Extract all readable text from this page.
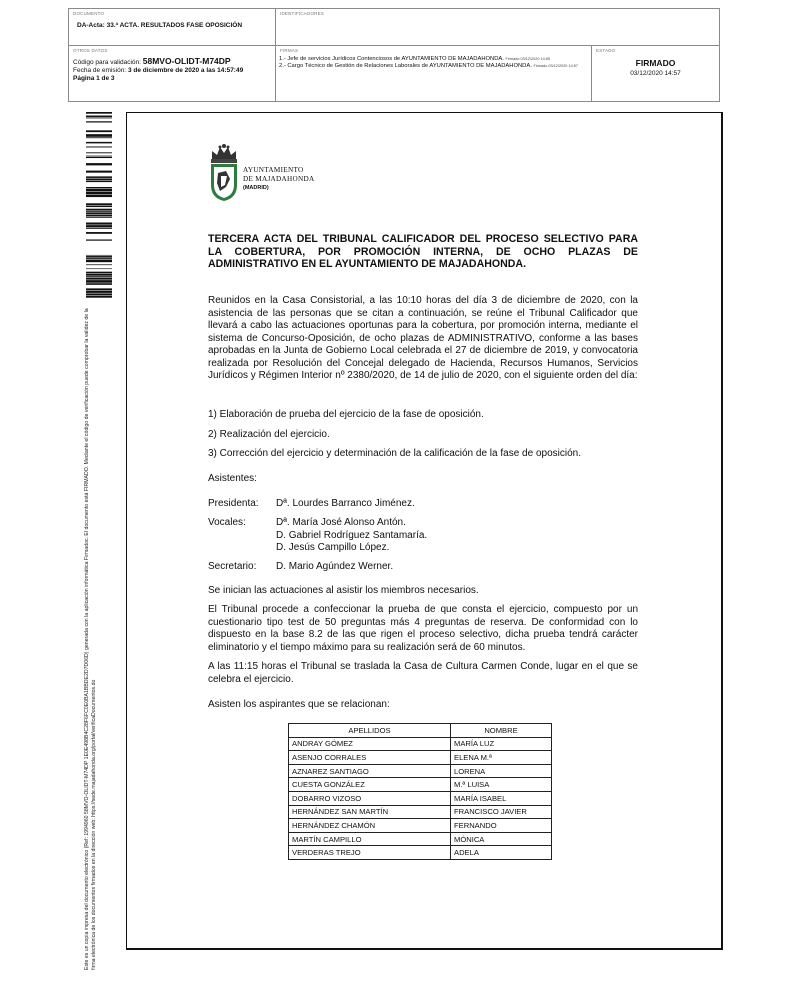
DOCUMENTO
DA-Acta: 33.ª ACTA. RESULTADOS FASE OPOSICIÓN
IDENTIFICADORES
OTROS DATOS
Código para validación: 58MVO-OLIDT-M74DP
Fecha de emisión: 3 de diciembre de 2020 a las 14:57:49
Página 1 de 3
FIRMAS
1.- Jefe de servicios Jurídicos Contenciosos de AYUNTAMIENTO DE MAJADAHONDA. Firmado 03/12/2020 14:55
2.- Cargo Técnico de Gestión de Relaciones Laborales de AYUNTAMIENTO DE MAJADAHONDA. Firmado 03/12/2020 14:57
ESTADO
FIRMADO
03/12/2020 14:57
Este es un copia impresa del documento electrónico (Ref: 1994960 58MVO-OLIDT-M74DP 1E0E498B4C28F6FC0E0BA1BBDE2D7D06D) generada con la aplicación informática Firmadoc. El documento está FIRMADO. Mediante el código de verificación puede comprobar la validez de la firma electrónica de los documentos firmados en la dirección web: https://sede.majadahonda.org/portal/verificaDocumentos.do
AYUNTAMIENTO
DE MAJADAHONDA
(MADRID)
TERCERA ACTA DEL TRIBUNAL CALIFICADOR DEL PROCESO SELECTIVO PARA LA COBERTURA, POR PROMOCIÓN INTERNA, DE OCHO PLAZAS DE ADMINISTRATIVO EN EL AYUNTAMIENTO DE MAJADAHONDA.
Reunidos en la Casa Consistorial, a las 10:10 horas del día 3 de diciembre de 2020, con la asistencia de las personas que se citan a continuación, se reúne el Tribunal Calificador que llevará a cabo las actuaciones oportunas para la cobertura, por promoción interna, mediante el sistema de Concurso-Oposición, de ocho plazas de ADMINISTRATIVO, conforme a las bases aprobadas en la Junta de Gobierno Local celebrada el 27 de diciembre de 2019, y convocatoria realizada por Resolución del Concejal delegado de Hacienda, Recursos Humanos, Servicios Jurídicos y Régimen Interior nº 2380/2020, de 14 de julio de 2020, con el siguiente orden del día:
1) Elaboración de prueba del ejercicio de la fase de oposición.
2) Realización del ejercicio.
3) Corrección del ejercicio y determinación de la calificación de la fase de oposición.
Asistentes:
Presidenta: Dª. Lourdes Barranco Jiménez.
Vocales:	Dª. María José Alonso Antón.
D. Gabriel Rodríguez Santamaría.
D. Jesús Campillo López.
Secretario: D. Mario Agúndez Werner.
Se inician las actuaciones al asistir los miembros necesarios.
El Tribunal procede a confeccionar la prueba de que consta el ejercicio, compuesto por un cuestionario tipo test de 50 preguntas más 4 preguntas de reserva. De conformidad con lo dispuesto en la base 8.2 de las que rigen el proceso selectivo, dicha prueba tendrá carácter eliminatorio y el tiempo máximo para su realización será de 60 minutos.
A las 11:15 horas el Tribunal se traslada la Casa de Cultura Carmen Conde, lugar en el que se celebra el ejercicio.
Asisten los aspirantes que se relacionan:
APELLIDOS	NOMBRE
ANDRAY GÓMEZ	MARÍA LUZ
ASENJO CORRALES	ELENA M.ª
AZNAREZ SANTIAGO	LORENA
CUESTA GONZÁLEZ	M.ª LUISA
DOBARRO VIZOSO	MARÍA ISABEL
HERNÁNDEZ SAN MARTÍN	FRANCISCO JAVIER
HERNÁNDEZ CHAMÓN	FERNANDO
MARTÍN CAMPILLO	MÓNICA
VERDERAS TREJO	ADELA
